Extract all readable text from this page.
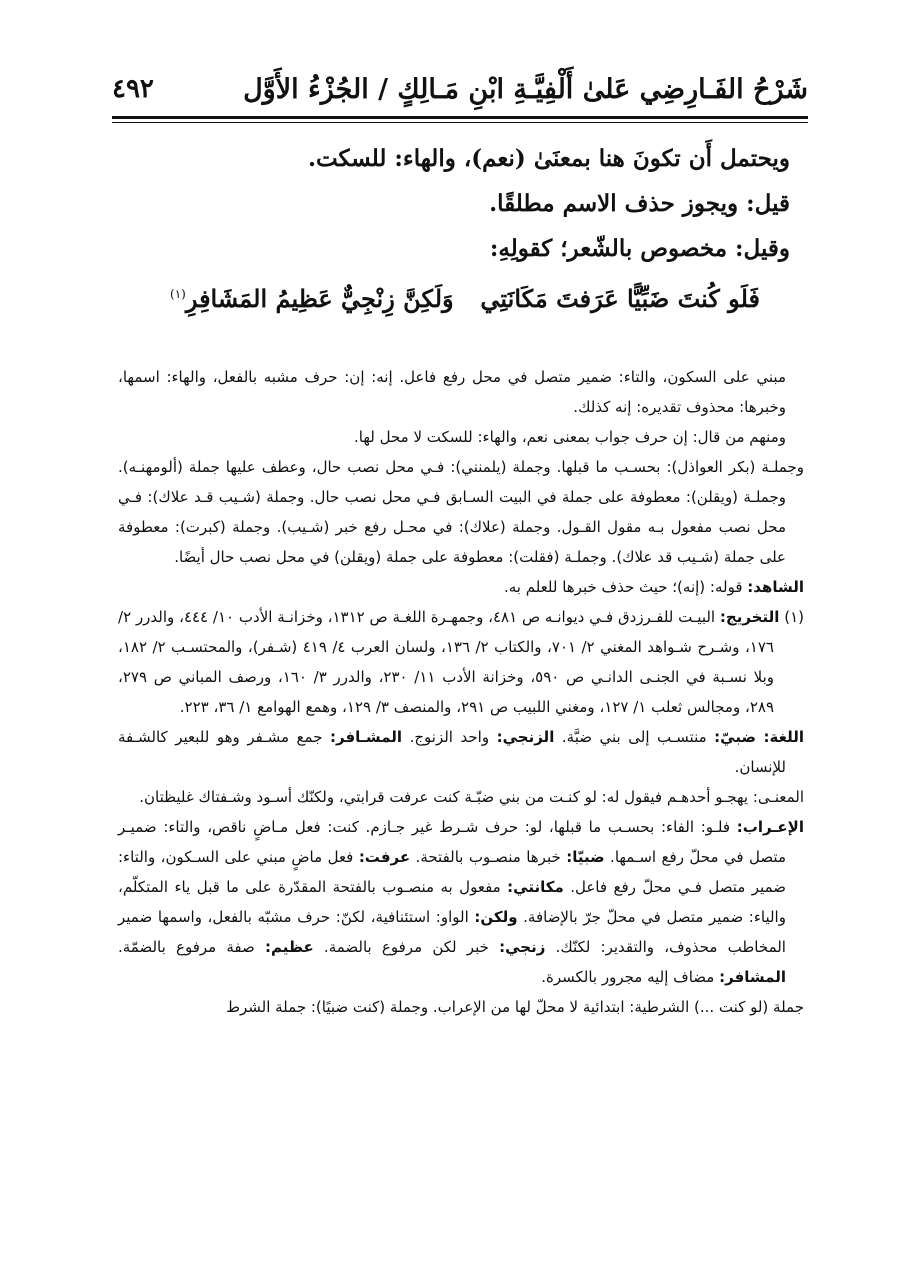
شَرْحُ الفَـارِضِي عَلىٰ أَلْفِيَّـةِ ابْنِ مَـالِكٍ / الجُزْءُ الأَوَّل
٤٩٢

ويحتمل أَن تكونَ هنا بمعنَىٰ (نعم)، والهاء: للسكت.

قيل: ويجوز حذف الاسم مطلقًا.

وقيل: مخصوص بالشّعر؛ كقولِهِ:

فَلَو كُنتَ ضَبِّيًّا عَرَفتَ مَكَانَتِي
وَلَكِنَّ زِنْجِيٌّ عَظِيمُ المَشَافِرِ$^{(١)}$

مبني على السكون، والتاء: ضمير متصل في محل رفع فاعل. إنه: إن: حرف مشبه بالفعل، والهاء: اسمها، وخبرها: محذوف تقديره: إنه كذلك.

ومنهم من قال: إن حرف جواب بمعنى نعم، والهاء: للسكت لا محل لها.

وجملـة (بكر العواذل): بحسـب ما قبلها. وجملة (يلمنني): فـي محل نصب حال، وعطف عليها جملة (ألومهنـه). وجملـة (ويقلن): معطوفة على جملة في البيت السـابق فـي محل نصب حال. وجملة (شـيب قـد علاك): فـي محل نصب مفعول بـه مقول القـول. وجملة (علاك): في محـل رفع خبر (شـيب). وجملة (كبرت): معطوفة على جملة (شـيب قد علاك). وجملـة (فقلت): معطوفة على جملة (ويقلن) في محل نصب حال أيضًا.

الشاهد: قوله: (إنه)؛ حيث حذف خبرها للعلم به.

(١) التخريج: البيـت للفـرزدق فـي ديوانـه ص ٤٨١، وجمهـرة اللغـة ص ١٣١٢، وخزانـة الأدب ١٠/ ٤٤٤، والدرر ٢/ ١٧٦، وشـرح شـواهد المغني ٢/ ٧٠١، والكتاب ٢/ ١٣٦، ولسان العرب ٤/ ٤١٩ (شـفر)، والمحتسـب ٢/ ١٨٢، وبلا نسـبة في الجنـى الدانـي ص ٥٩٠، وخزانة الأدب ١١/ ٢٣٠، والدرر ٣/ ١٦٠، ورصف المباني ص ٢٧٩، ٢٨٩، ومجالس ثعلب ١/ ١٢٧، ومغني اللبيب ص ٢٩١، والمنصف ٣/ ١٢٩، وهمع الهوامع ١/ ٣٦، ٢٢٣.

اللغة: ضبيّ: منتسـب إلى بني ضبَّة. الزنجي: واحد الزنوج. المشـافر: جمع مشـفر وهو للبعير كالشـفة للإنسان.

المعنـى: يهجـو أحدهـم فيقول له: لو كنـت من بني ضبّـة كنت عرفت قرابتي، ولكنّك أسـود وشـفتاك غليظتان.

الإعـراب: فلـو: الفاء: بحسـب ما قبلها، لو: حرف شـرط غير جـازم. كنت: فعل مـاضٍ ناقص، والتاء: ضميـر متصل في محلّ رفع اسـمها. ضبيّا: خبرها منصـوب بالفتحة. عرفت: فعل ماضٍ مبني على السـكون، والتاء: ضمير متصل فـي محلّ رفع فاعل. مكانتي: مفعول به منصـوب بالفتحة المقدّرة على ما قبل ياء المتكلّم، والياء: ضمير متصل في محلّ جرّ بالإضافة. ولكن: الواو: استئنافية، لكنّ: حرف مشبّه بالفعل، واسمها ضمير المخاطب محذوف، والتقدير: لكنّك. زنجي: خبر لكن مرفوع بالضمة. عظيم: صفة مرفوع بالضمّة. المشافر: مضاف إليه مجرور بالكسرة.

جملة (لو كنت ...) الشرطية: ابتدائية لا محلّ لها من الإعراب. وجملة (كنت ضبيًا): جملة الشرط
